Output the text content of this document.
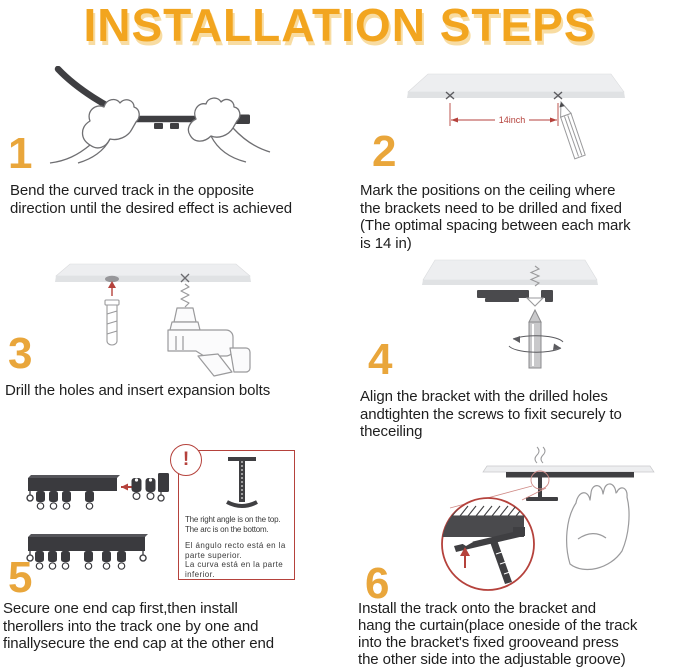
INSTALLATION STEPS
1
Bend the curved track in the opposite
direction until the desired effect is achieved
14inch
2
Mark the positions on the ceiling where
the brackets need to be drilled and fixed
(The optimal spacing between each mark
is 14 in)
3
Drill the holes and insert expansion bolts
4
Align the bracket with the drilled holes
andtighten the screws to fixit securely to
theceiling
!
The right angle is on the top.
The arc is on the bottom.
El ángulo recto está en la
parte superior.
La curva está en la parte
inferior.
5
Secure one end cap first,then install
therollers into the track one by one and
finallysecure the end cap at the other end
6
Install the track onto the bracket and
hang the curtain(place oneside of the track
into the bracket's fixed grooveand press
the other side into the adjustable groove)
